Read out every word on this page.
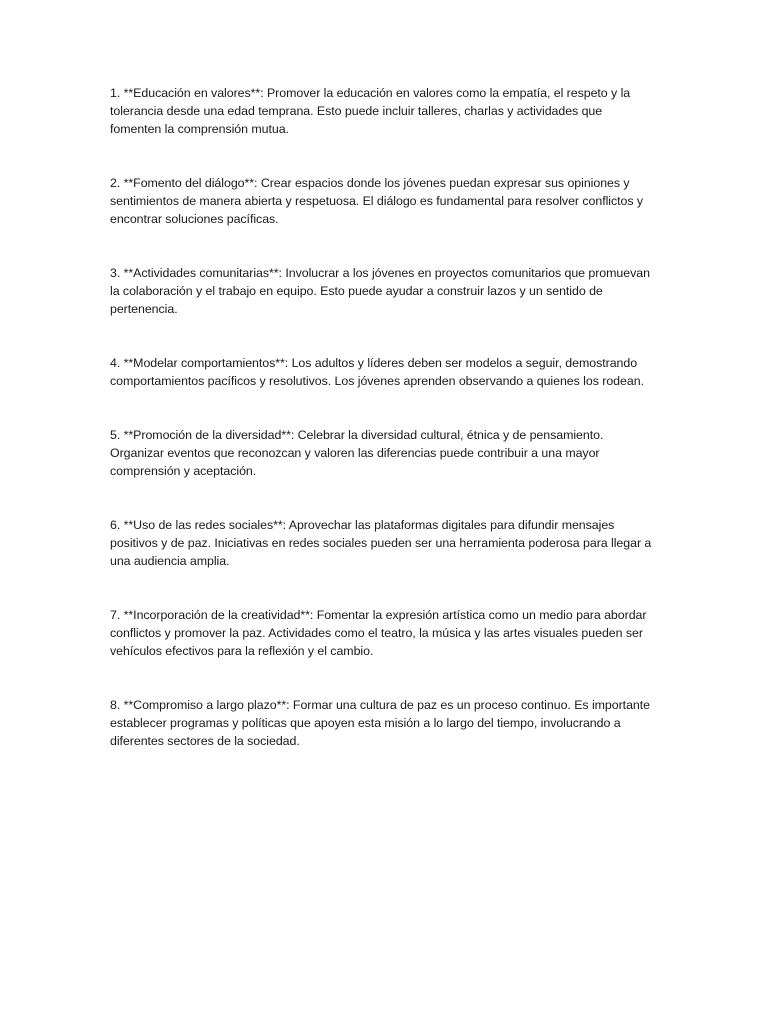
1. **Educación en valores**: Promover la educación en valores como la empatía, el respeto y la tolerancia desde una edad temprana. Esto puede incluir talleres, charlas y actividades que fomenten la comprensión mutua.

2. **Fomento del diálogo**: Crear espacios donde los jóvenes puedan expresar sus opiniones y sentimientos de manera abierta y respetuosa. El diálogo es fundamental para resolver conflictos y encontrar soluciones pacíficas.

3. **Actividades comunitarias**: Involucrar a los jóvenes en proyectos comunitarios que promuevan la colaboración y el trabajo en equipo. Esto puede ayudar a construir lazos y un sentido de pertenencia.

4. **Modelar comportamientos**: Los adultos y líderes deben ser modelos a seguir, demostrando comportamientos pacíficos y resolutivos. Los jóvenes aprenden observando a quienes los rodean.

5. **Promoción de la diversidad**: Celebrar la diversidad cultural, étnica y de pensamiento. Organizar eventos que reconozcan y valoren las diferencias puede contribuir a una mayor comprensión y aceptación.

6. **Uso de las redes sociales**: Aprovechar las plataformas digitales para difundir mensajes positivos y de paz. Iniciativas en redes sociales pueden ser una herramienta poderosa para llegar a una audiencia amplia.

7. **Incorporación de la creatividad**: Fomentar la expresión artística como un medio para abordar conflictos y promover la paz. Actividades como el teatro, la música y las artes visuales pueden ser vehículos efectivos para la reflexión y el cambio.

8. **Compromiso a largo plazo**: Formar una cultura de paz es un proceso continuo. Es importante establecer programas y políticas que apoyen esta misión a lo largo del tiempo, involucrando a diferentes sectores de la sociedad.
